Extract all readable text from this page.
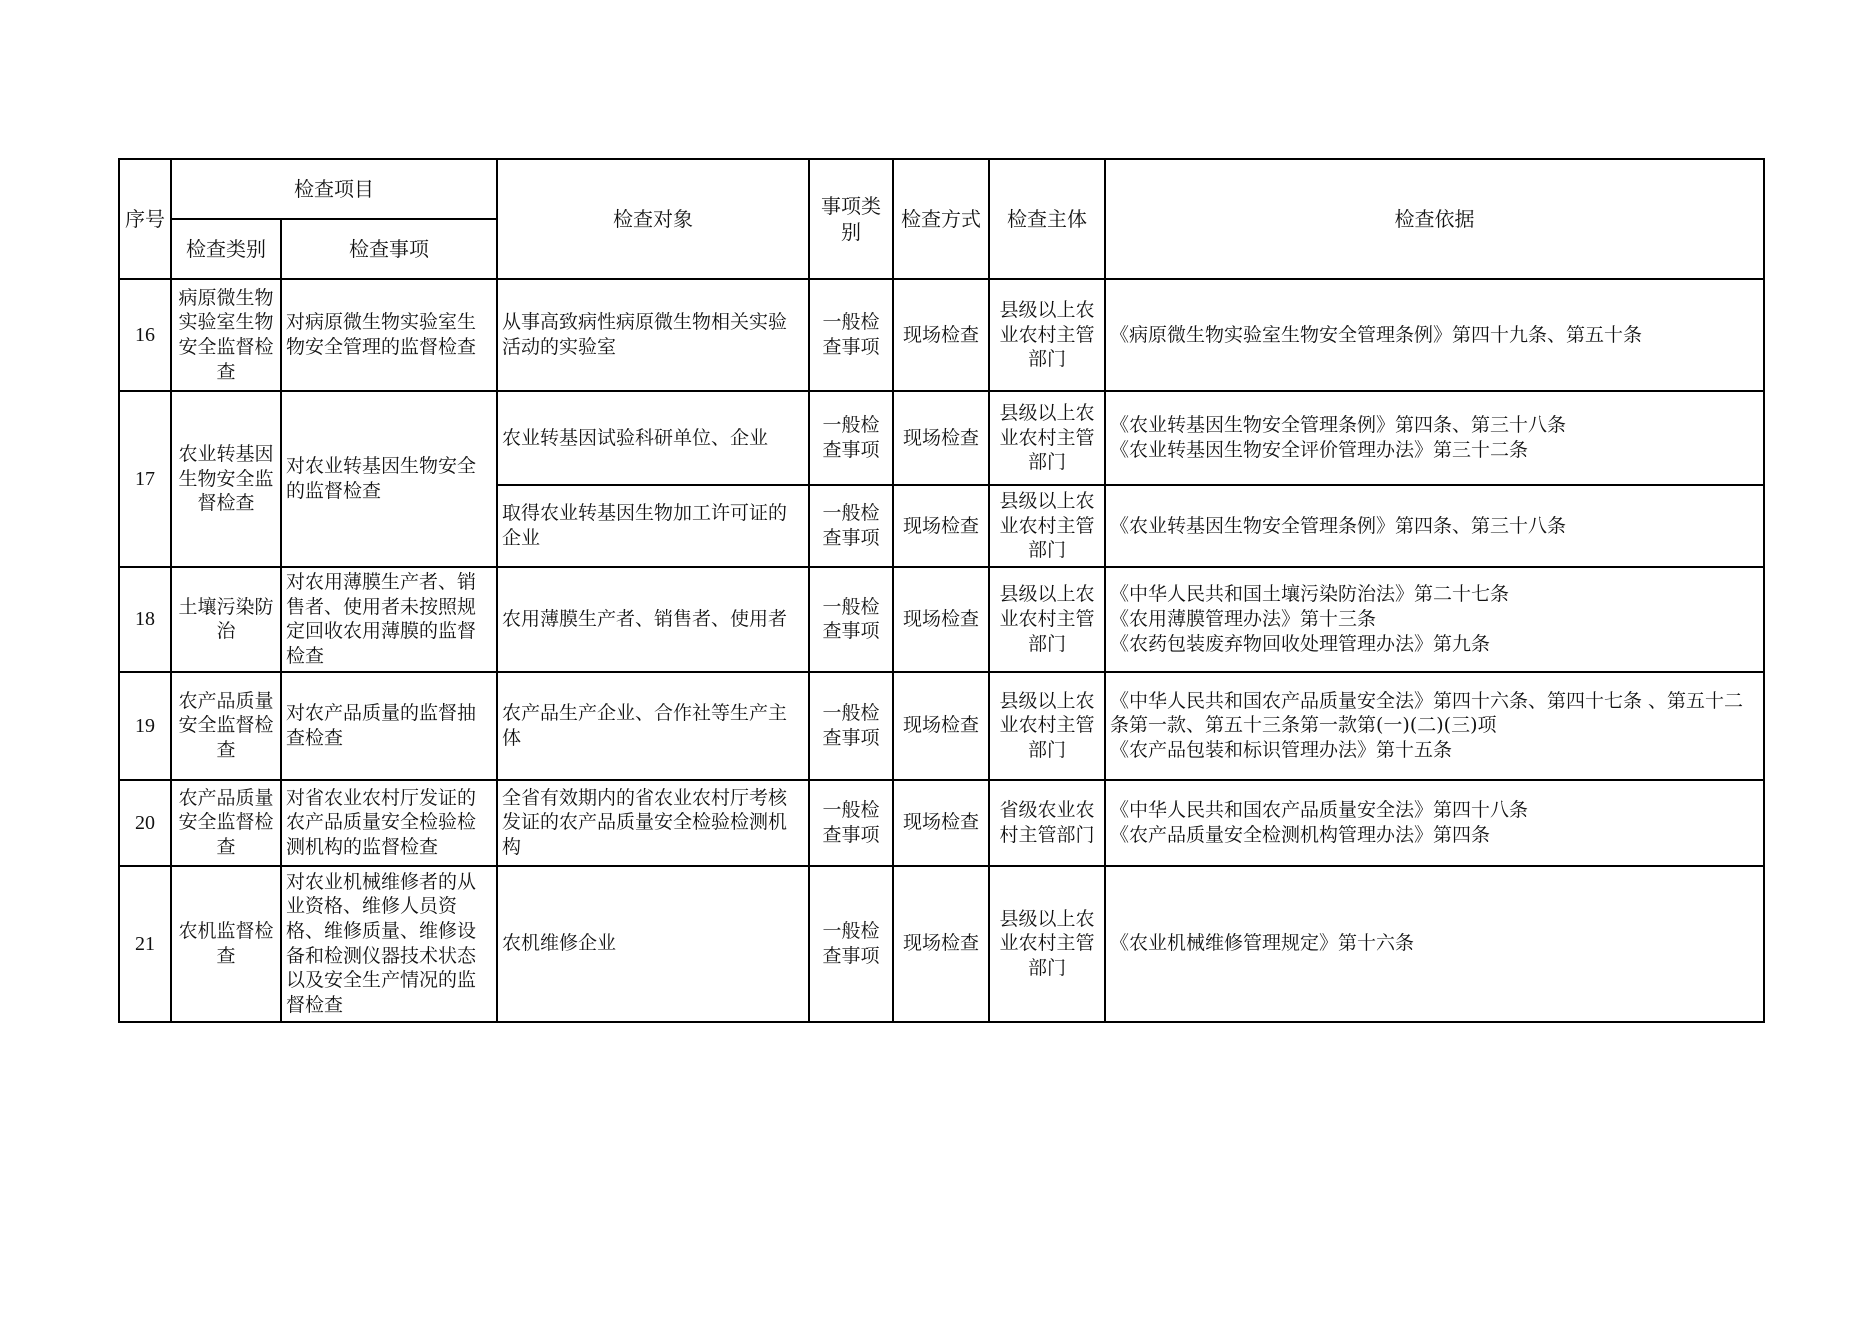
序号	检查项目		检查对象	事项类别	检查方式	检查主体	检查依据
	检查类别	检查事项					
16	病原微生物实验室生物安全监督检查	对病原微生物实验室生物安全管理的监督检查	从事高致病性病原微生物相关实验活动的实验室	一般检查事项	现场检查	县级以上农业农村主管部门	《病原微生物实验室生物安全管理条例》第四十九条、第五十条

17	农业转基因生物安全监督检查	对农业转基因生物安全的监督检查	农业转基因试验科研单位、企业	一般检查事项	现场检查	县级以上农业农村主管部门	《农业转基因生物安全管理条例》第四条、第三十八条
《农业转基因生物安全评价管理办法》第三十二条

			取得农业转基因生物加工许可证的企业	一般检查事项	现场检查	县级以上农业农村主管部门	《农业转基因生物安全管理条例》第四条、第三十八条

18	土壤污染防治	对农用薄膜生产者、销售者、使用者未按照规定回收农用薄膜的监督检查	农用薄膜生产者、销售者、使用者	一般检查事项	现场检查	县级以上农业农村主管部门	《中华人民共和国土壤污染防治法》第二十七条
《农用薄膜管理办法》第十三条
《农药包装废弃物回收处理管理办法》第九条

19	农产品质量安全监督检查	对农产品质量的监督抽查检查	农产品生产企业、合作社等生产主体	一般检查事项	现场检查	县级以上农业农村主管部门	《中华人民共和国农产品质量安全法》第四十六条、第四十七条 、第五十二条第一款、第五十三条第一款第(一)(二)(三)项
《农产品包装和标识管理办法》第十五条

20	农产品质量安全监督检查	对省农业农村厅发证的农产品质量安全检验检测机构的监督检查	全省有效期内的省农业农村厅考核发证的农产品质量安全检验检测机构	一般检查事项	现场检查	省级农业农村主管部门	《中华人民共和国农产品质量安全法》第四十八条
《农产品质量安全检测机构管理办法》第四条

21	农机监督检查	对农业机械维修者的从业资格、维修人员资格、维修质量、维修设备和检测仪器技术状态以及安全生产情况的监督检查	农机维修企业	一般检查事项	现场检查	县级以上农业农村主管部门	《农业机械维修管理规定》第十六条
